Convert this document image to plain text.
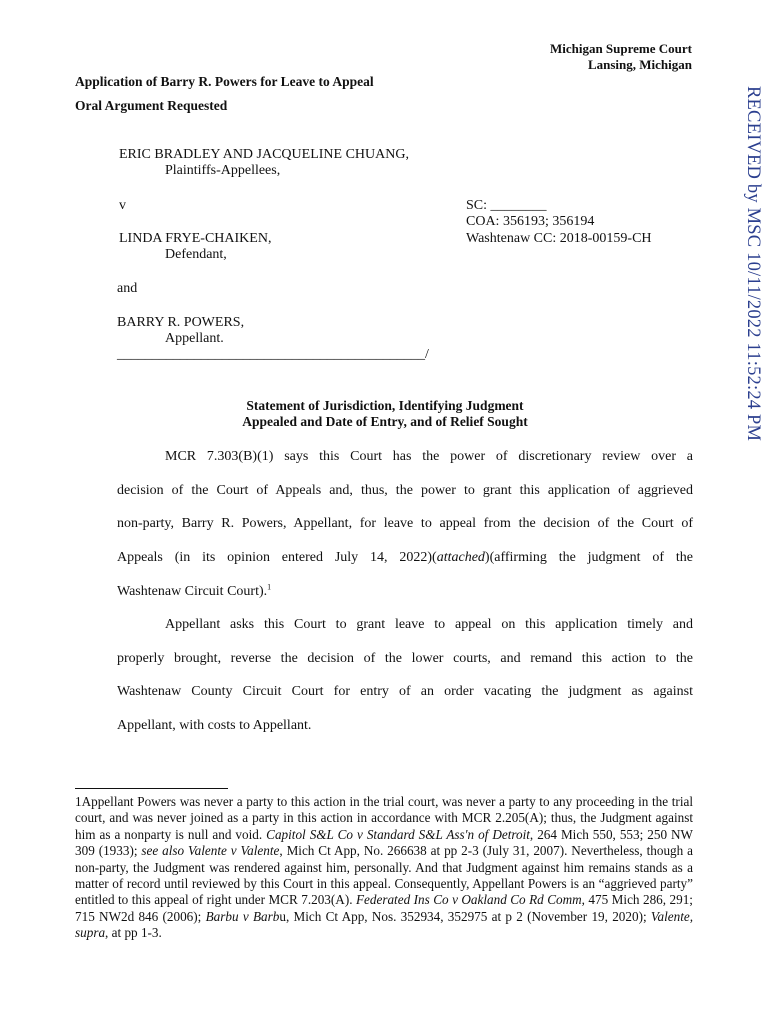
Michigan Supreme Court
Lansing, Michigan
Application of Barry R. Powers for Leave to Appeal
Oral Argument Requested
ERIC BRADLEY AND JACQUELINE CHUANG,
Plaintiffs-Appellees,
v
LINDA FRYE-CHAIKEN,
Defendant,
and
BARRY R. POWERS,
Appellant.
____________________________________________/
SC: ________
COA: 356193; 356194
Washtenaw CC: 2018-00159-CH
Statement of Jurisdiction, Identifying Judgment
Appealed and Date of Entry, and of Relief Sought
MCR 7.303(B)(1) says this Court has the power of discretionary review over a
decision of the Court of Appeals and, thus, the power to grant this application of aggrieved
non-party, Barry R. Powers, Appellant, for leave to appeal from the decision of the Court of
Appeals (in its opinion entered July 14, 2022)(attached)(affirming the judgment of the
Washtenaw Circuit Court).$^1$
Appellant asks this Court to grant leave to appeal on this application timely and
properly brought, reverse the decision of the lower courts, and remand this action to the
Washtenaw County Circuit Court for entry of an order vacating the judgment as against
Appellant, with costs to Appellant.
1Appellant Powers was never a party to this action in the trial court, was never a party to any proceeding in the trial court, and was never joined as a party in this action in accordance with MCR 2.205(A); thus, the Judgment against him as a nonparty is null and void. Capitol S&L Co v Standard S&L Ass'n of Detroit, 264 Mich 550, 553; 250 NW 309 (1933); see also Valente v Valente, Mich Ct App, No. 266638 at pp 2-3 (July 31, 2007). Nevertheless, though a non-party, the Judgment was rendered against him, personally. And that Judgment against him remains stands as a matter of record until reviewed by this Court in this appeal. Consequently, Appellant Powers is an “aggrieved party” entitled to this appeal of right under MCR 7.203(A). Federated Ins Co v Oakland Co Rd Comm, 475 Mich 286, 291; 715 NW2d 846 (2006); Barbu v Barbu, Mich Ct App, Nos. 352934, 352975 at p 2 (November 19, 2020); Valente, supra, at pp 1-3.
RECEIVED by MSC 10/11/2022 11:52:24 PM
